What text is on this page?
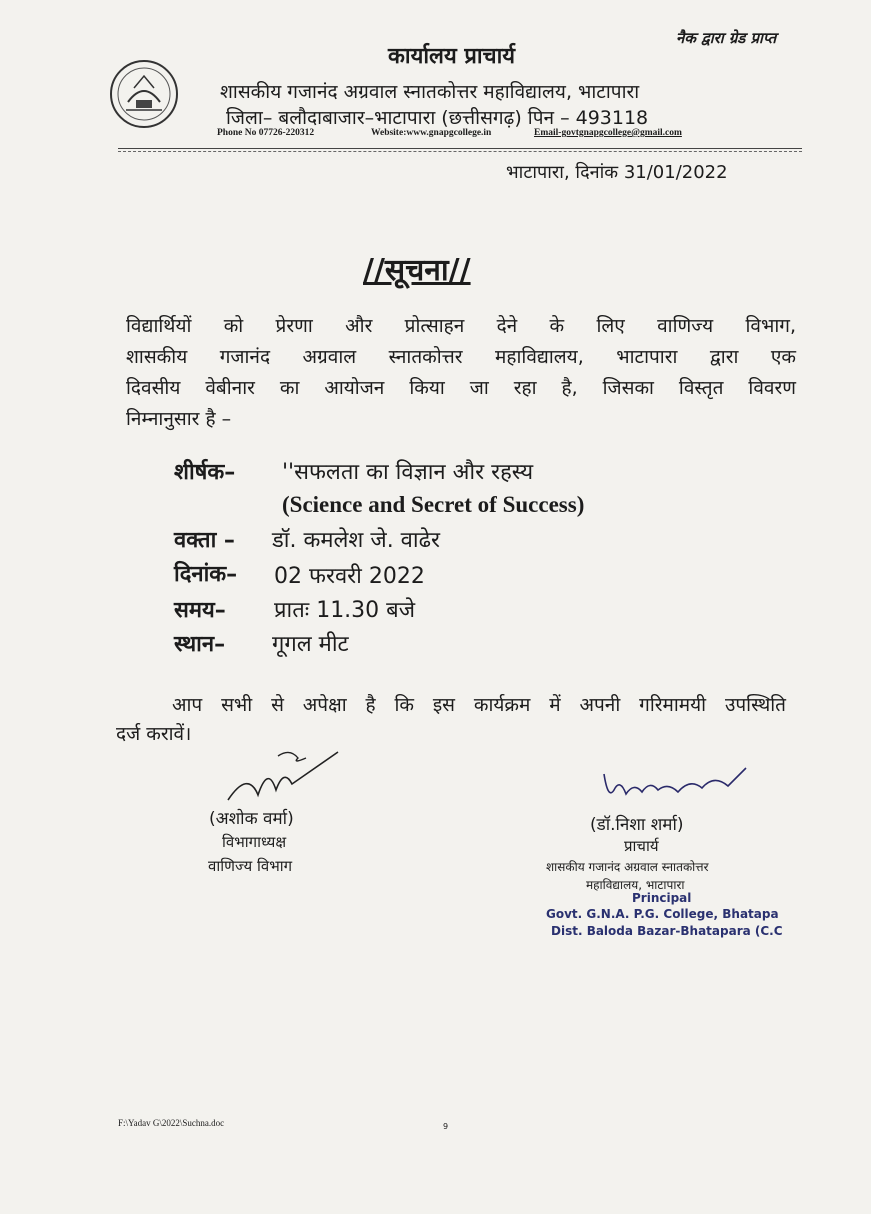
नैक द्वारा ग्रेड प्राप्त
कार्यालय प्राचार्य
शासकीय गजानंद अग्रवाल स्नातकोत्तर महाविद्यालय, भाटापारा
जिला– बलौदाबाजार–भाटापारा (छत्तीसगढ़) पिन – 493118
Phone No 07726-220312	Website:www.gnapgcollege.in	Email-govtgnapgcollege@gmail.com
भाटापारा, दिनांक 31/01/2022
//सूचना//
विद्यार्थियों को प्रेरणा और प्रोत्साहन देने के लिए वाणिज्य विभाग,
शासकीय गजानंद अग्रवाल स्नातकोत्तर महाविद्यालय, भाटापारा द्वारा एक
दिवसीय वेबीनार का आयोजन किया जा रहा है, जिसका विस्तृत विवरण
निम्नानुसार है –
शीर्षक– ''सफलता का विज्ञान और रहस्य
(Science and Secret of Success)
वक्ता – डॉ. कमलेश जे. वाढेर
दिनांक– 02 फरवरी 2022
समय– प्रातः 11.30 बजे
स्थान– गूगल मीट
आप सभी से अपेक्षा है कि इस कार्यक्रम में अपनी गरिमामयी उपस्थिति
दर्ज करावें।
(अशोक वर्मा)
विभागाध्यक्ष
वाणिज्य विभाग
(डॉ.निशा शर्मा)
प्राचार्य
शासकीय गजानंद अग्रवाल स्नातकोत्तर
महाविद्यालय, भाटापारा
Principal
Govt. G.N.A. P.G. College, Bhatapa
Dist. Baloda Bazar-Bhatapara (C.C
F:\Yadav G\2022\Suchna.doc	9
